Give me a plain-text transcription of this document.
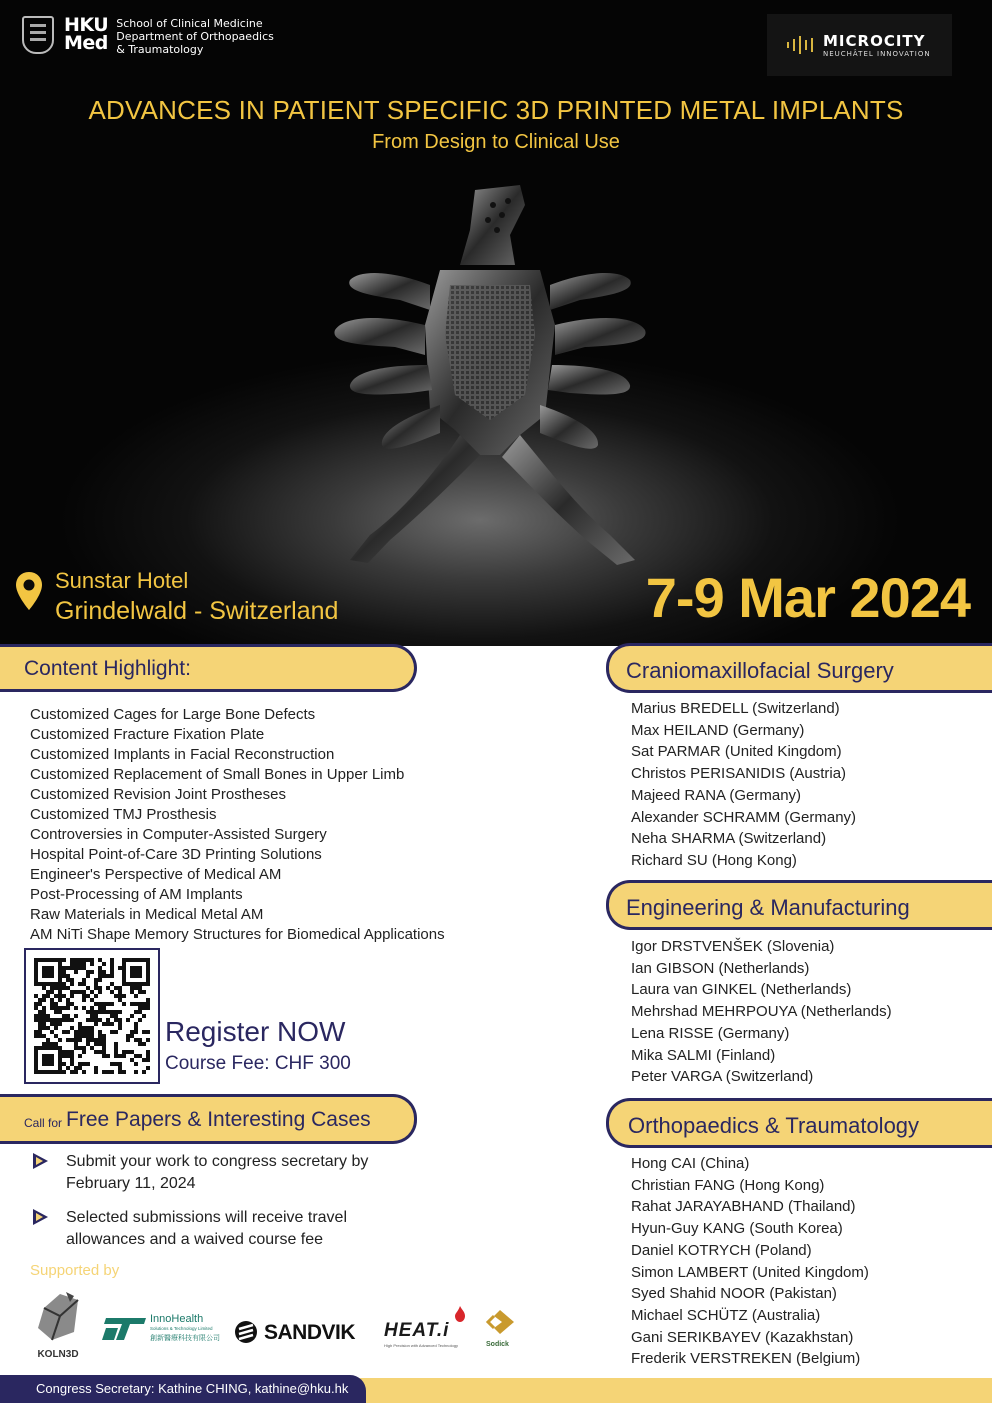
HKU
Med
School of Clinical Medicine
Department of Orthopaedics
& Traumatology	MICROCITY
NEUCHÂTEL INNOVATION
ADVANCES IN PATIENT SPECIFIC 3D PRINTED METAL IMPLANTS
From Design to Clinical Use
Sunstar Hotel
Grindelwald - Switzerland	7-9 Mar 2024
Content Highlight:
Customized Cages for Large Bone Defects
Customized Fracture Fixation Plate
Customized Implants in Facial Reconstruction
Customized Replacement of Small Bones in Upper Limb
Customized Revision Joint Prostheses
Customized TMJ Prosthesis
Controversies in Computer-Assisted Surgery
Hospital Point-of-Care 3D Printing Solutions
Engineer's Perspective of Medical AM
Post-Processing of AM Implants
Raw Materials in Medical Metal AM
AM NiTi Shape Memory Structures for Biomedical Applications
Register NOW
Course Fee: CHF 300
Call for Free Papers & Interesting Cases
Submit your work to congress secretary by February 11, 2024
Selected submissions will receive travel allowances and a waived course fee
Supported by
KOLN3D
InnoHealth
Solutions & Technology Limited
創新醫療科技有限公司 SANDVIK HEAT.i
High Precision with Advanced Technology	Sodick
Craniomaxillofacial Surgery
Marius BREDELL (Switzerland)
Max HEILAND (Germany)
Sat PARMAR (United Kingdom)
Christos PERISANIDIS (Austria)
Majeed RANA (Germany)
Alexander SCHRAMM (Germany)
Neha SHARMA (Switzerland)
Richard SU (Hong Kong)
Engineering & Manufacturing
Igor DRSTVENŠEK (Slovenia)
Ian GIBSON (Netherlands)
Laura van GINKEL (Netherlands)
Mehrshad MEHRPOUYA (Netherlands)
Lena RISSE (Germany)
Mika SALMI (Finland)
Peter VARGA (Switzerland)
Orthopaedics & Traumatology
Hong CAI (China)
Christian FANG (Hong Kong)
Rahat JARAYABHAND (Thailand)
Hyun-Guy KANG (South Korea)
Daniel KOTRYCH (Poland)
Simon LAMBERT (United Kingdom)
Syed Shahid NOOR (Pakistan)
Michael SCHÜTZ (Australia)
Gani SERIKBAYEV (Kazakhstan)
Frederik VERSTREKEN (Belgium)
Congress Secretary: Kathine CHING, kathine@hku.hk
